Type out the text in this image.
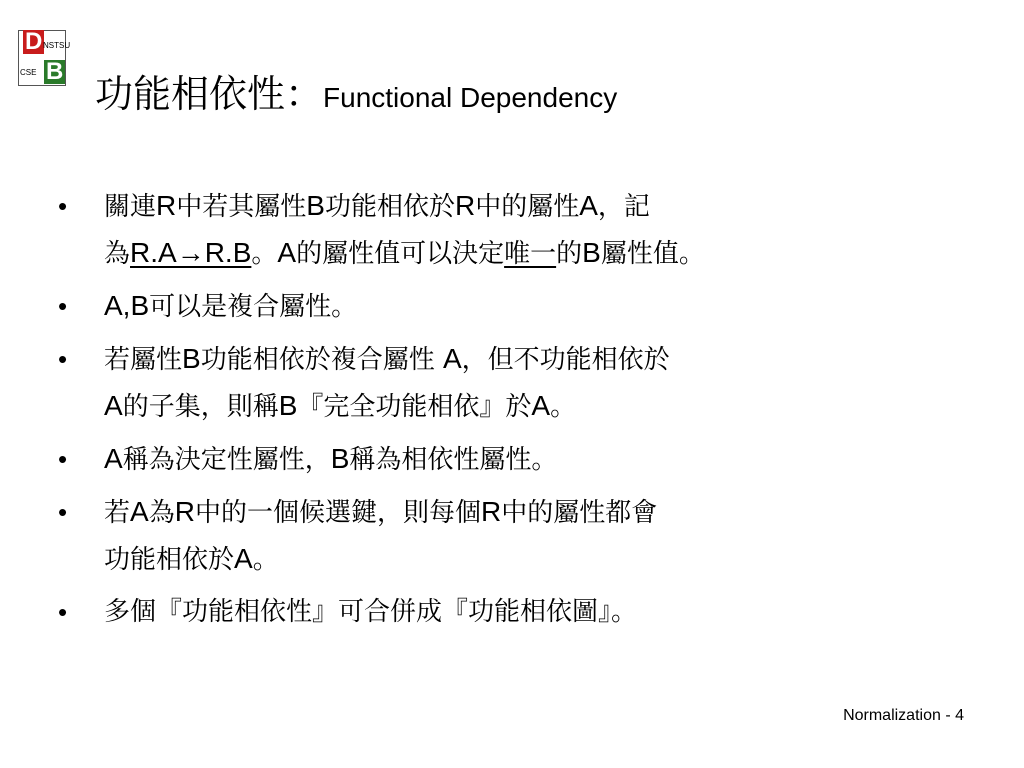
D NSTSU
CSE B
功能相依性：Functional Dependency
• 關連R中若其屬性B功能相依於R中的屬性A，記
為R.A→R.B。A的屬性值可以決定唯一的B屬性值。
• A,B可以是複合屬性。
• 若屬性B功能相依於複合屬性 A，但不功能相依於
A的子集，則稱B『完全功能相依』於A。
• A稱為決定性屬性，B稱為相依性屬性。
• 若A為R中的一個候選鍵，則每個R中的屬性都會
功能相依於A。
• 多個『功能相依性』可合併成『功能相依圖』。
Normalization - 4
